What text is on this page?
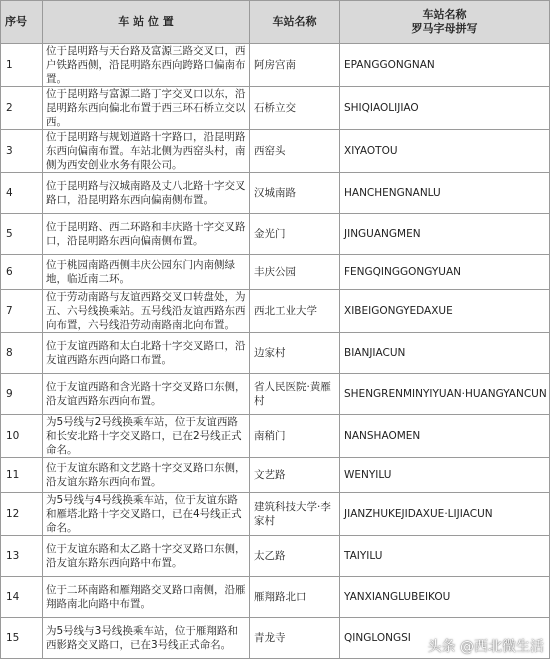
序号	车 站 位 置	车站名称	车站名称
罗马字母拼写

1	位于昆明路与天台路及富源三路交叉口，西户铁路西侧，沿昆明路东西向跨路口偏南布置。	阿房宫南	EPANGGONGNAN
2	位于昆明路与富源二路丁字交叉口以东，沿昆明路东西向偏北布置于西三环石桥立交以西。	石桥立交	SHIQIAOLIJIAO
3	位于昆明路与规划道路十字路口，沿昆明路东西向偏南布置。车站北侧为西窑头村，南侧为西安创业水务有限公司。	西窑头	XIYAOTOU
4	位于昆明路与汉城南路及丈八北路十字交叉路口，沿昆明路东西向偏南侧布置。	汉城南路	HANCHENGNANLU
5	位于昆明路、西二环路和丰庆路十字交叉路口，沿昆明路东西向偏南侧布置。	金光门	JINGUANGMEN
6	位于桃园南路西侧丰庆公园东门内南侧绿地，临近南二环。	丰庆公园	FENGQINGGONGYUAN
7	位于劳动南路与友谊西路交叉口转盘处，为五、六号线换乘站。五号线沿友谊西路东西向布置，六号线沿劳动南路南北向布置。	西北工业大学	XIBEIGONGYEDAXUE
8	位于友谊西路和太白北路十字交叉路口，沿友谊西路东西向路口布置。	边家村	BIANJIACUN
9	位于友谊西路和含光路十字交叉路口东侧，沿友谊西路东西向布置。	省人民医院·黄雁村	SHENGRENMINYIYUAN·HUANGYANCUN
10	为5号线与2号线换乘车站，位于友谊西路和长安北路十字交叉路口，已在2号线正式命名。	南稍门	NANSHAOMEN
11	位于友谊东路和文艺路十字交叉路口东侧，沿友谊东路东西向布置。	文艺路	WENYILU
12	为5号线与4号线换乘车站，位于友谊东路和雁塔北路十字交叉路口，已在4号线正式命名。	建筑科技大学·李家村	JIANZHUKEJIDAXUE·LIJIACUN
13	位于友谊东路和太乙路十字交叉路口东侧，沿友谊东路东西向路中布置。	太乙路	TAIYILU
14	位于二环南路和雁翔路交叉路口南侧，沿雁翔路南北向路中布置。	雁翔路北口	YANXIANGLUBEIKOU
15	为5号线与3号线换乘车站，位于雁翔路和西影路交叉路口，已在3号线正式命名。	青龙寺	QINGLONGSI
头条 @西北微生活
